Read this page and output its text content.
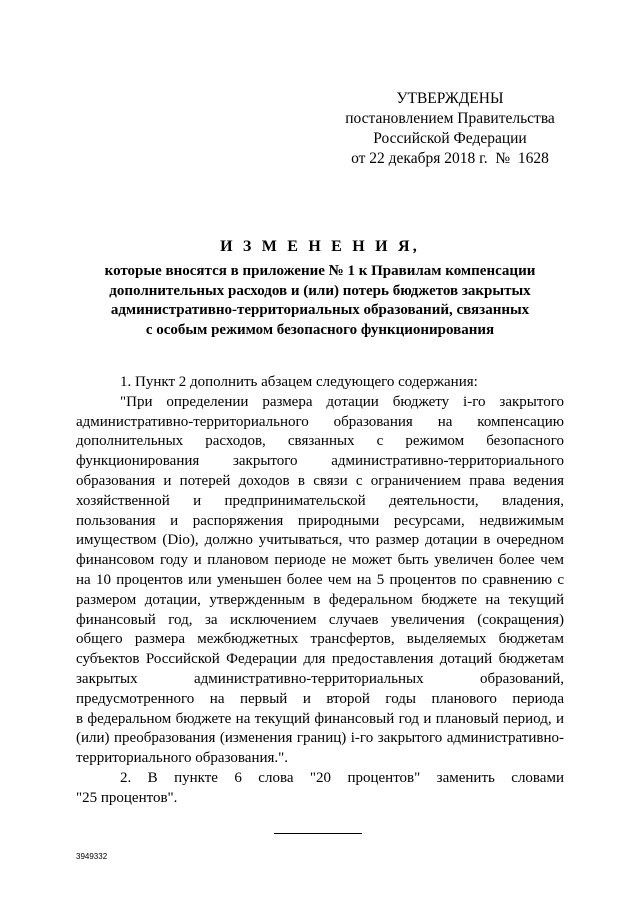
УТВЕРЖДЕНЫ
постановлением Правительства
Российской Федерации
от 22 декабря 2018 г.  №  1628
И З М Е Н Е Н И Я,
которые вносятся в приложение № 1 к Правилам компенсации
дополнительных расходов и (или) потерь бюджетов закрытых
административно-территориальных образований, связанных
с особым режимом безопасного функционирования
1. Пункт 2 дополнить абзацем следующего содержания:
"При определении размера дотации бюджету i-го закрытого
административно-территориального образования на компенсацию
дополнительных расходов, связанных с режимом безопасного
функционирования закрытого административно-территориального
образования и потерей доходов в связи с ограничением права ведения
хозяйственной и предпринимательской деятельности, владения,
пользования и распоряжения природными ресурсами, недвижимым
имуществом (Dio), должно учитываться, что размер дотации в очередном
финансовом году и плановом периоде не может быть увеличен более чем
на 10 процентов или уменьшен более чем на 5 процентов по сравнению с
размером дотации, утвержденным в федеральном бюджете на текущий
финансовый год, за исключением случаев увеличения (сокращения)
общего размера межбюджетных трансфертов, выделяемых бюджетам
субъектов Российской Федерации для предоставления дотаций бюджетам
закрытых административно-территориальных образований,
предусмотренного на первый и второй годы планового периода
в федеральном бюджете на текущий финансовый год и плановый период, и
(или) преобразования (изменения границ) i-го закрытого административно-
территориального образования.".
2. В пункте 6 слова "20 процентов" заменить словами
"25 процентов".
3949332
